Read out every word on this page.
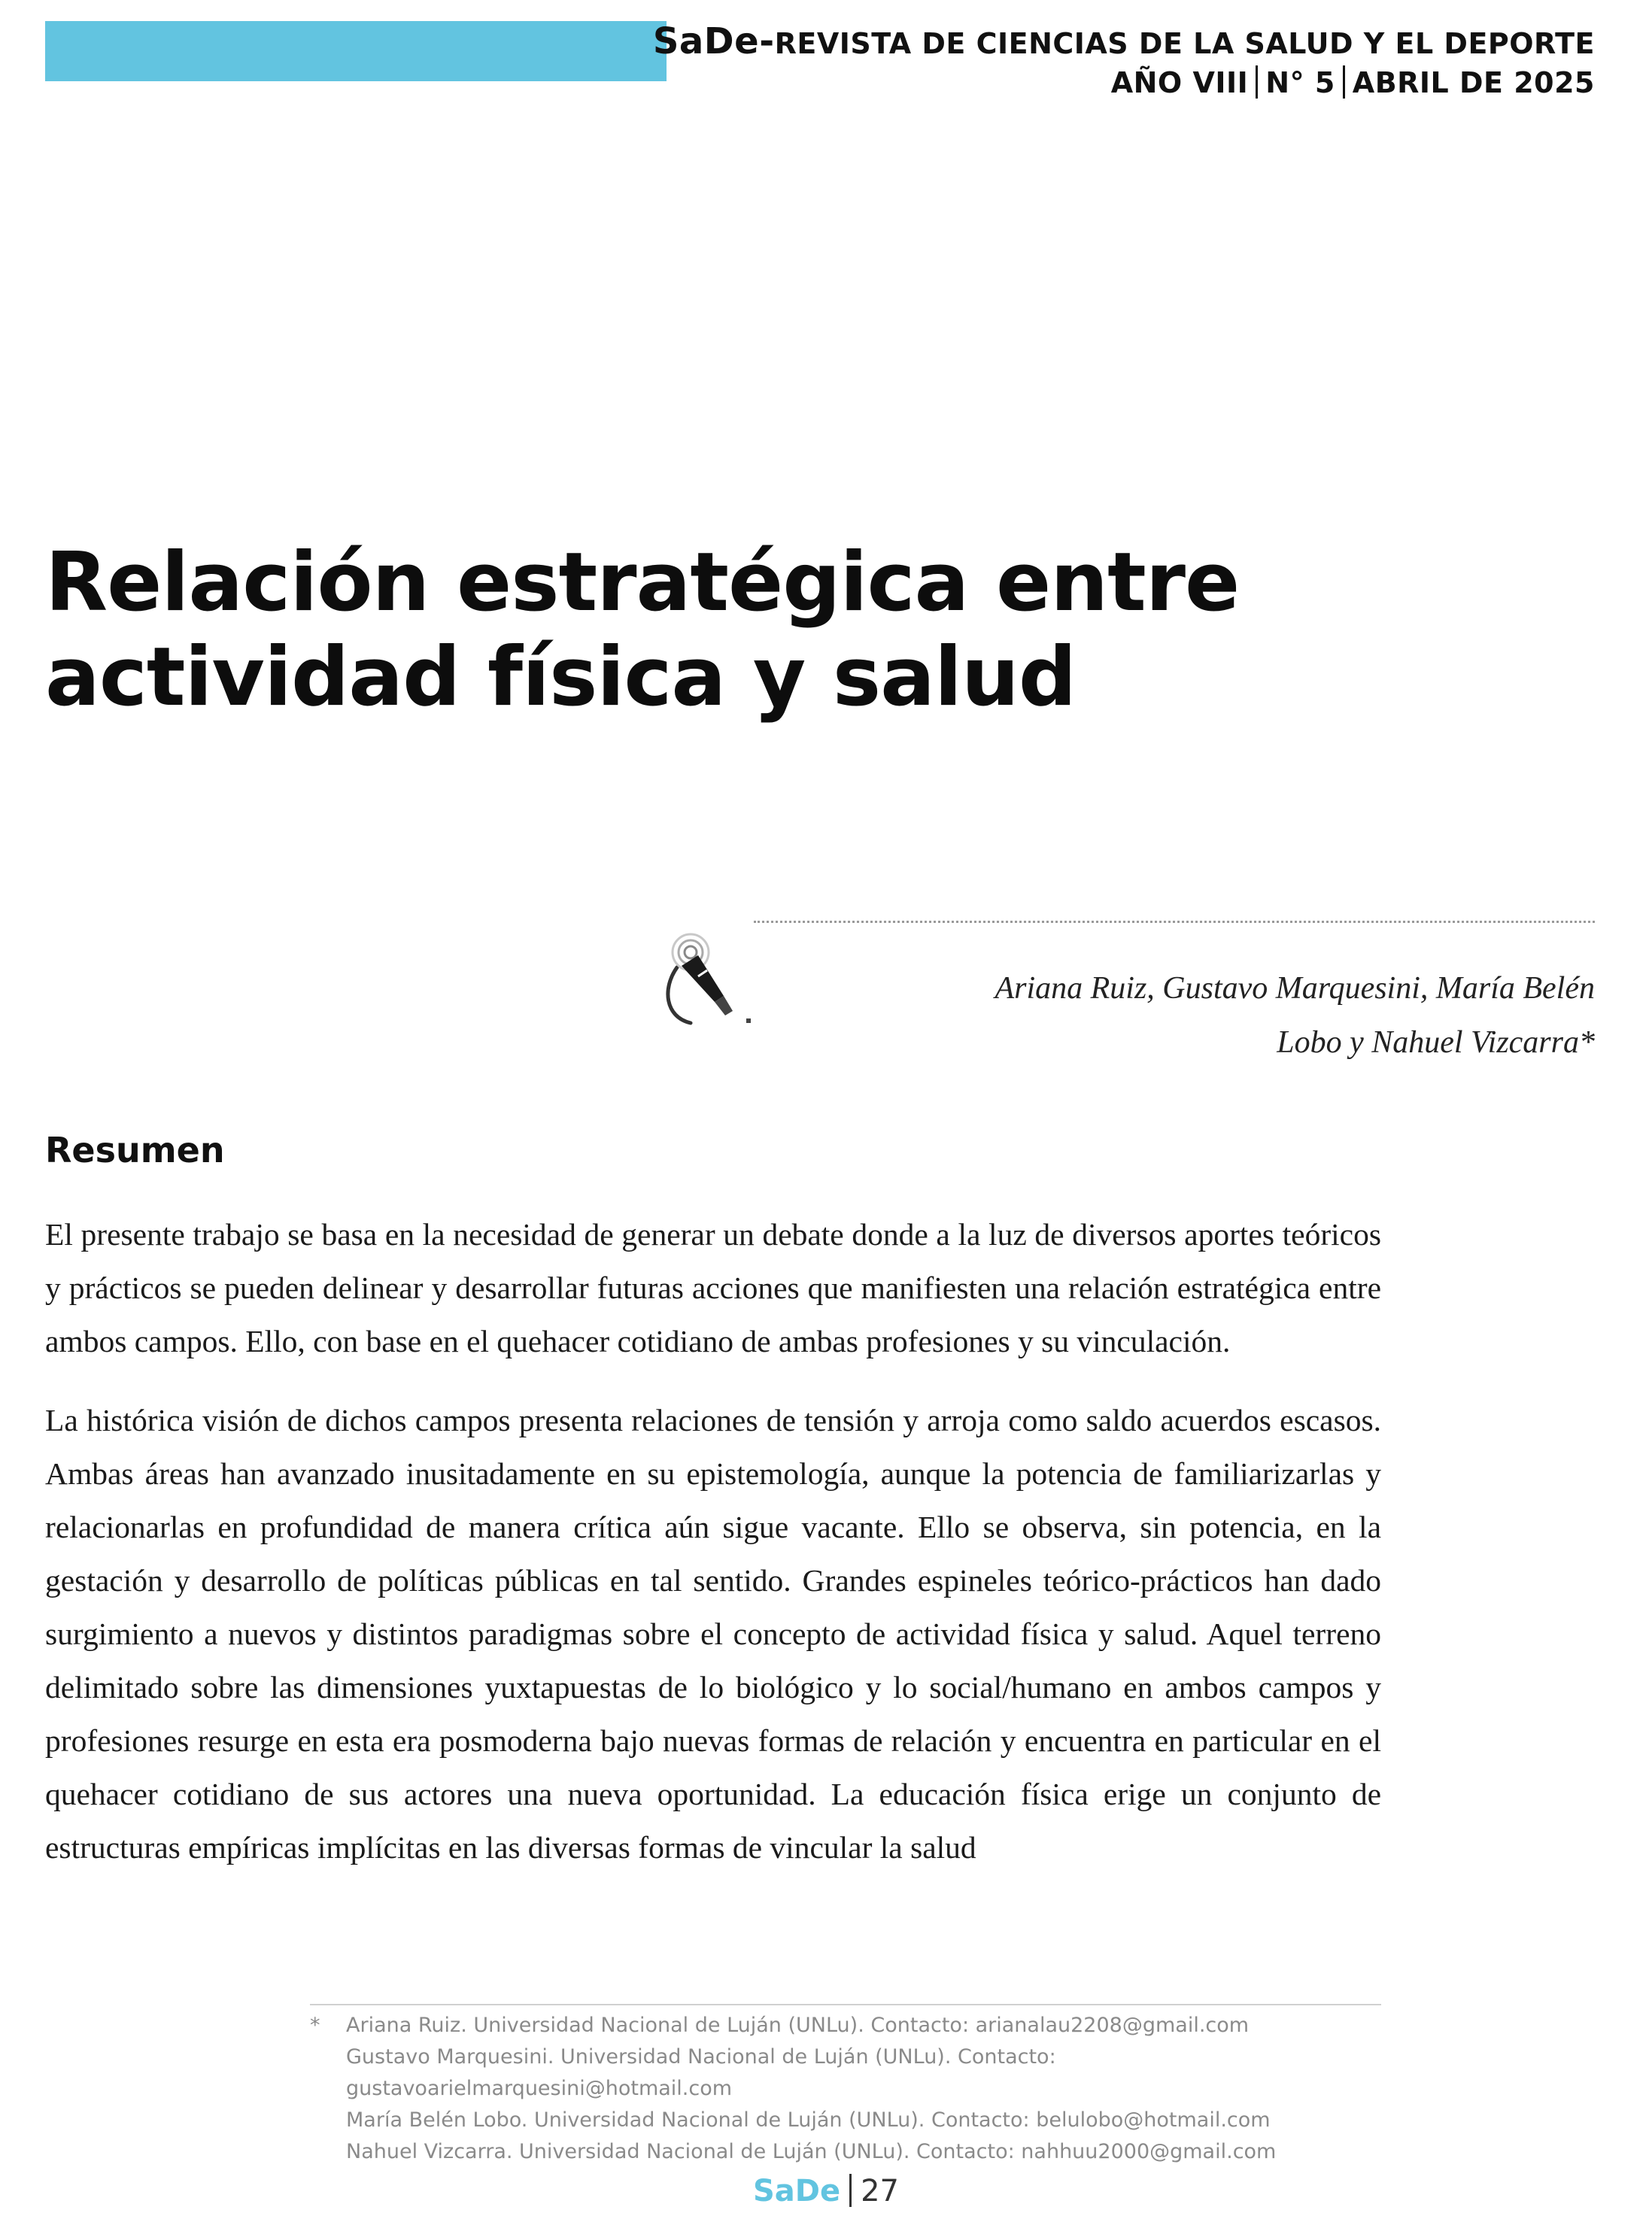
SaDe-REVISTA DE CIENCIAS DE LA SALUD Y EL DEPORTE
AÑO VIII N° 5 ABRIL DE 2025
Relación estratégica entre
actividad física y salud
Ariana Ruiz, Gustavo Marquesini, María Belén
Lobo y Nahuel Vizcarra*
Resumen

El presente trabajo se basa en la necesidad de generar un debate donde a la luz de diversos aportes teóricos y prácticos se pueden delinear y desarrollar futuras acciones que manifiesten una relación estratégica entre ambos campos. Ello, con base en el quehacer cotidiano de ambas profesiones y su vinculación.

La histórica visión de dichos campos presenta relaciones de tensión y arroja como saldo acuerdos escasos. Ambas áreas han avanzado inusitadamente en su epistemología, aunque la potencia de familiarizarlas y relacionarlas en profundidad de manera crítica aún sigue vacante. Ello se observa, sin potencia, en la gestación y desarrollo de políticas públicas en tal sentido. Grandes espineles teórico-prácticos han dado surgimiento a nuevos y distintos paradigmas sobre el concepto de actividad física y salud. Aquel terreno delimitado sobre las dimensiones yuxtapuestas de lo biológico y lo social/humano en ambos campos y profesiones resurge en esta era posmoderna bajo nuevas formas de relación y encuentra en particular en el quehacer cotidiano de sus actores una nueva oportunidad. La educación física erige un conjunto de estructuras empíricas implícitas en las diversas formas de vincular la salud

* Ariana Ruiz. Universidad Nacional de Luján (UNLu). Contacto: arianalau2208@gmail.com
Gustavo Marquesini. Universidad Nacional de Luján (UNLu). Contacto: gustavoarielmarquesini@hotmail.com
María Belén Lobo. Universidad Nacional de Luján (UNLu). Contacto: belulobo@hotmail.com
Nahuel Vizcarra. Universidad Nacional de Luján (UNLu). Contacto: nahhuu2000@gmail.com
SaDe 27
